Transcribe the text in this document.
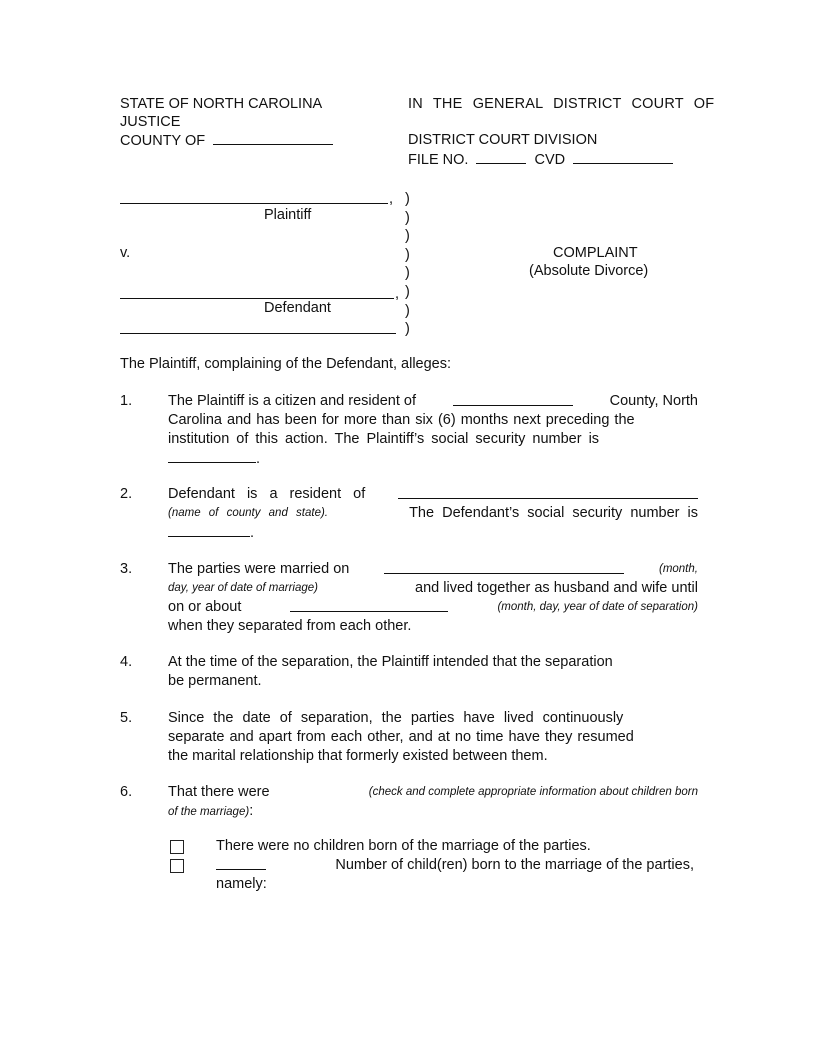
STATE OF NORTH CAROLINA
JUSTICE
COUNTY OF
IN THE GENERAL DISTRICT COURT OF
DISTRICT COURT DIVISION
FILE NO.	CVD
,
Plaintiff
v.
,
Defendant
)
)
)
)
)
)
)
)
COMPLAINT
(Absolute Divorce)
The Plaintiff, complaining of the Defendant, alleges:
1. The Plaintiff is a citizen and resident of	County, North
Carolina and has been for more than six (6) months next preceding the
institution of this action. The Plaintiff’s social security number is
.
2. Defendant is a resident of
(name of county and state).	The Defendant’s social security number is
.
3. The parties were married on	(month,
day, year of date of marriage)	and lived together as husband and wife until
on or about	(month, day, year of date of separation)
when they separated from each other.
4. At the time of the separation, the Plaintiff intended that the separation
be permanent.
5. Since the date of separation, the parties have lived continuously
separate and apart from each other, and at no time have they resumed
the marital relationship that formerly existed between them.
6. That there were	(check and complete appropriate information about children born
of the marriage):
There were no children born of the marriage of the parties.
Number of child(ren) born to the marriage of the parties,
namely:
